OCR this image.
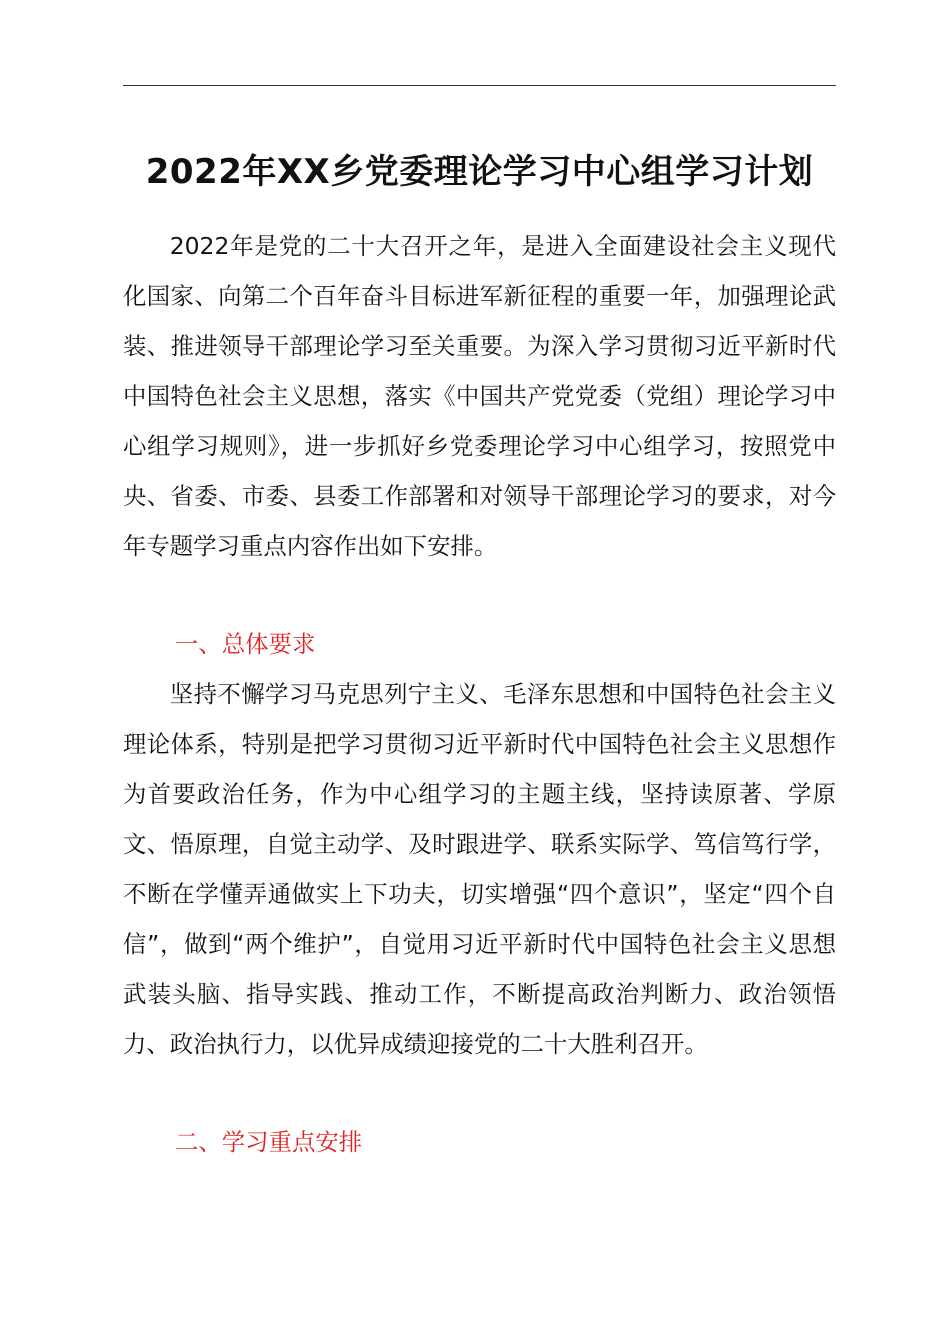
2022年XX乡党委理论学习中心组学习计划

2022年是党的二十大召开之年，是进入全面建设社会主义现代化国家、向第二个百年奋斗目标进军新征程的重要一年，加强理论武装、推进领导干部理论学习至关重要。为深入学习贯彻习近平新时代中国特色社会主义思想，落实《中国共产党党委（党组）理论学习中心组学习规则》，进一步抓好乡党委理论学习中心组学习，按照党中央、省委、市委、县委工作部署和对领导干部理论学习的要求，对今年专题学习重点内容作出如下安排。

一、总体要求

坚持不懈学习马克思列宁主义、毛泽东思想和中国特色社会主义理论体系，特别是把学习贯彻习近平新时代中国特色社会主义思想作为首要政治任务，作为中心组学习的主题主线，坚持读原著、学原文、悟原理，自觉主动学、及时跟进学、联系实际学、笃信笃行学，不断在学懂弄通做实上下功夫，切实增强“四个意识”，坚定“四个自信”，做到“两个维护”，自觉用习近平新时代中国特色社会主义思想武装头脑、指导实践、推动工作，不断提高政治判断力、政治领悟力、政治执行力，以优异成绩迎接党的二十大胜利召开。

二、学习重点安排
